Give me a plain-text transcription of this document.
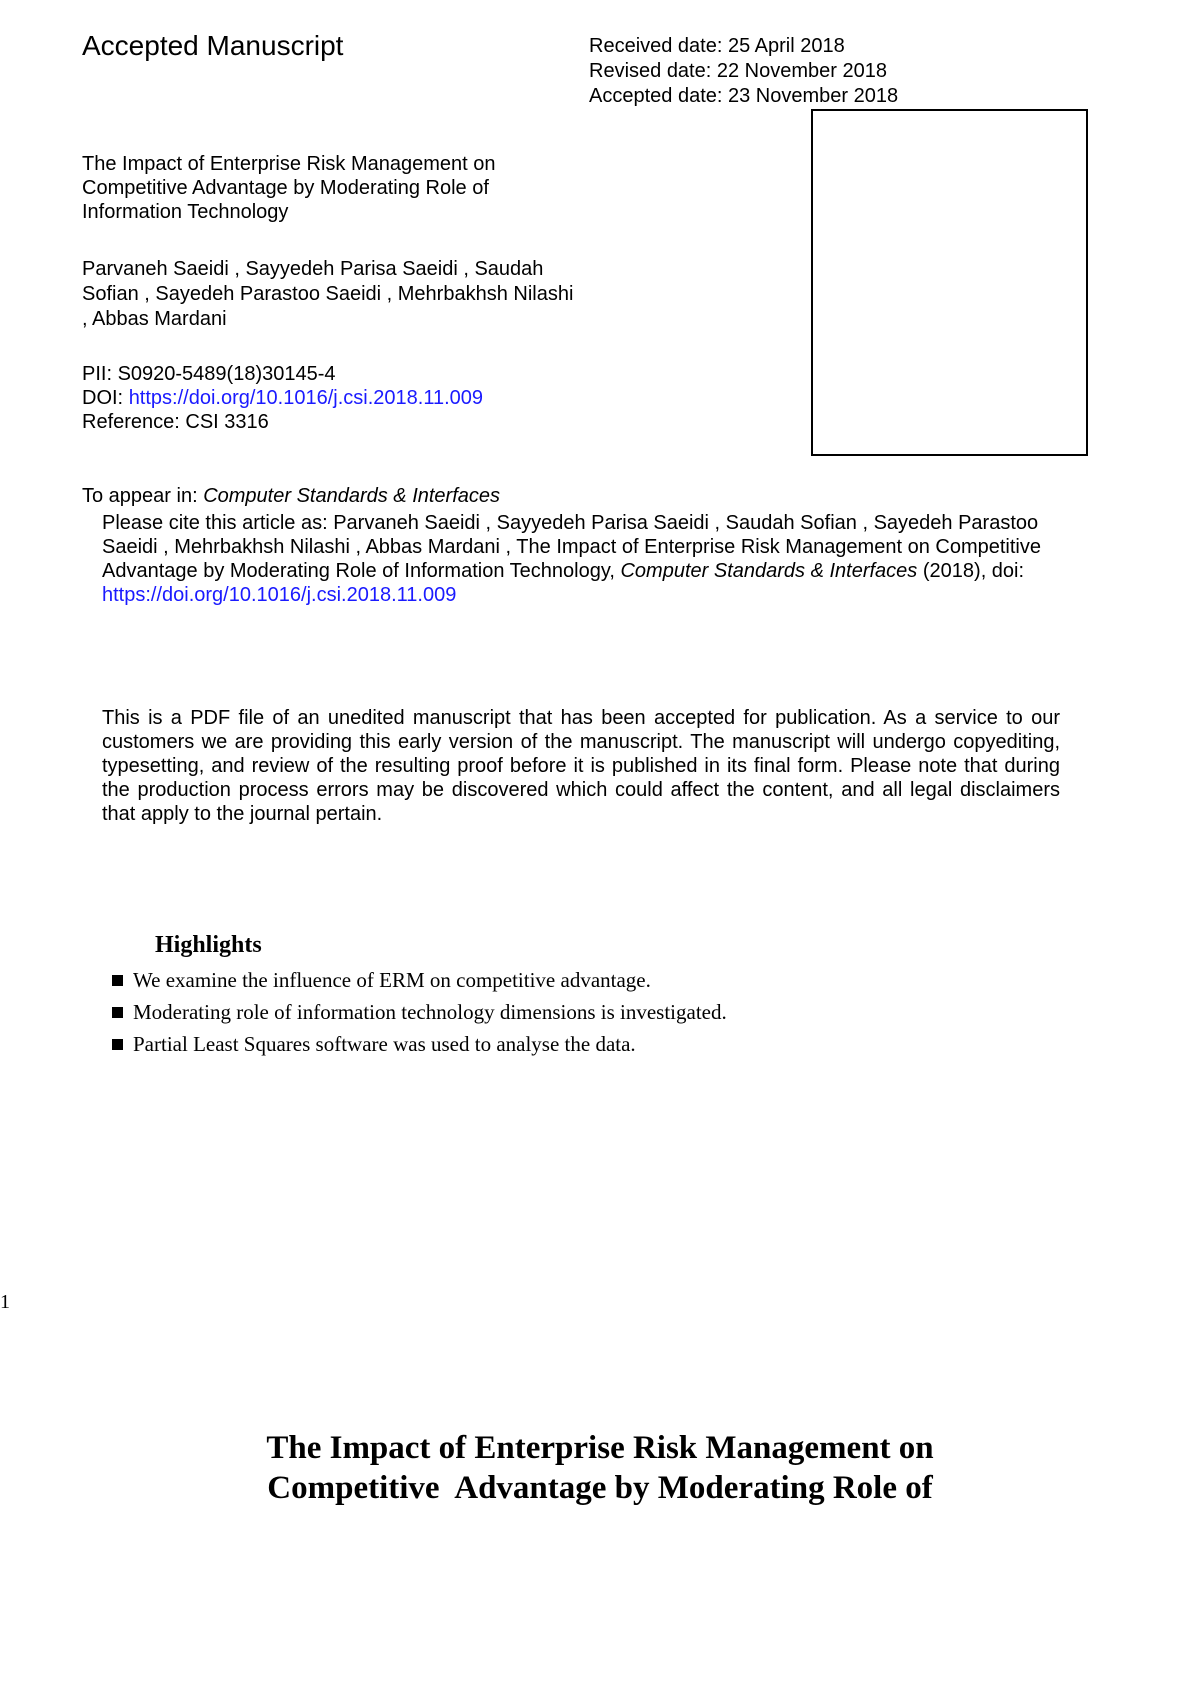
Accepted Manuscript	Received date: 25 April 2018
Revised date: 22 November 2018
Accepted date: 23 November 2018
The Impact of Enterprise Risk Management on Competitive Advantage by Moderating Role of Information Technology
Parvaneh Saeidi , Sayyedeh Parisa Saeidi , Saudah Sofian , Sayedeh Parastoo Saeidi , Mehrbakhsh Nilashi , Abbas Mardani
PII: S0920-5489(18)30145-4
DOI: https://doi.org/10.1016/j.csi.2018.11.009
Reference: CSI 3316
To appear in: Computer Standards & Interfaces
Please cite this article as: Parvaneh Saeidi , Sayyedeh Parisa Saeidi , Saudah Sofian , Sayedeh Parastoo Saeidi , Mehrbakhsh Nilashi , Abbas Mardani , The Impact of Enterprise Risk Management on Competitive Advantage by Moderating Role of Information Technology, Computer Standards & Interfaces (2018), doi: https://doi.org/10.1016/j.csi.2018.11.009
This is a PDF file of an unedited manuscript that has been accepted for publication. As a service to our customers we are providing this early version of the manuscript. The manuscript will undergo copyediting, typesetting, and review of the resulting proof before it is published in its final form. Please note that during the production process errors may be discovered which could affect the content, and all legal disclaimers that apply to the journal pertain.
Highlights
We examine the influence of ERM on competitive advantage.
Moderating role of information technology dimensions is investigated.
Partial Least Squares software was used to analyse the data.
1
The Impact of Enterprise Risk Management on
Competitive  Advantage by Moderating Role of
